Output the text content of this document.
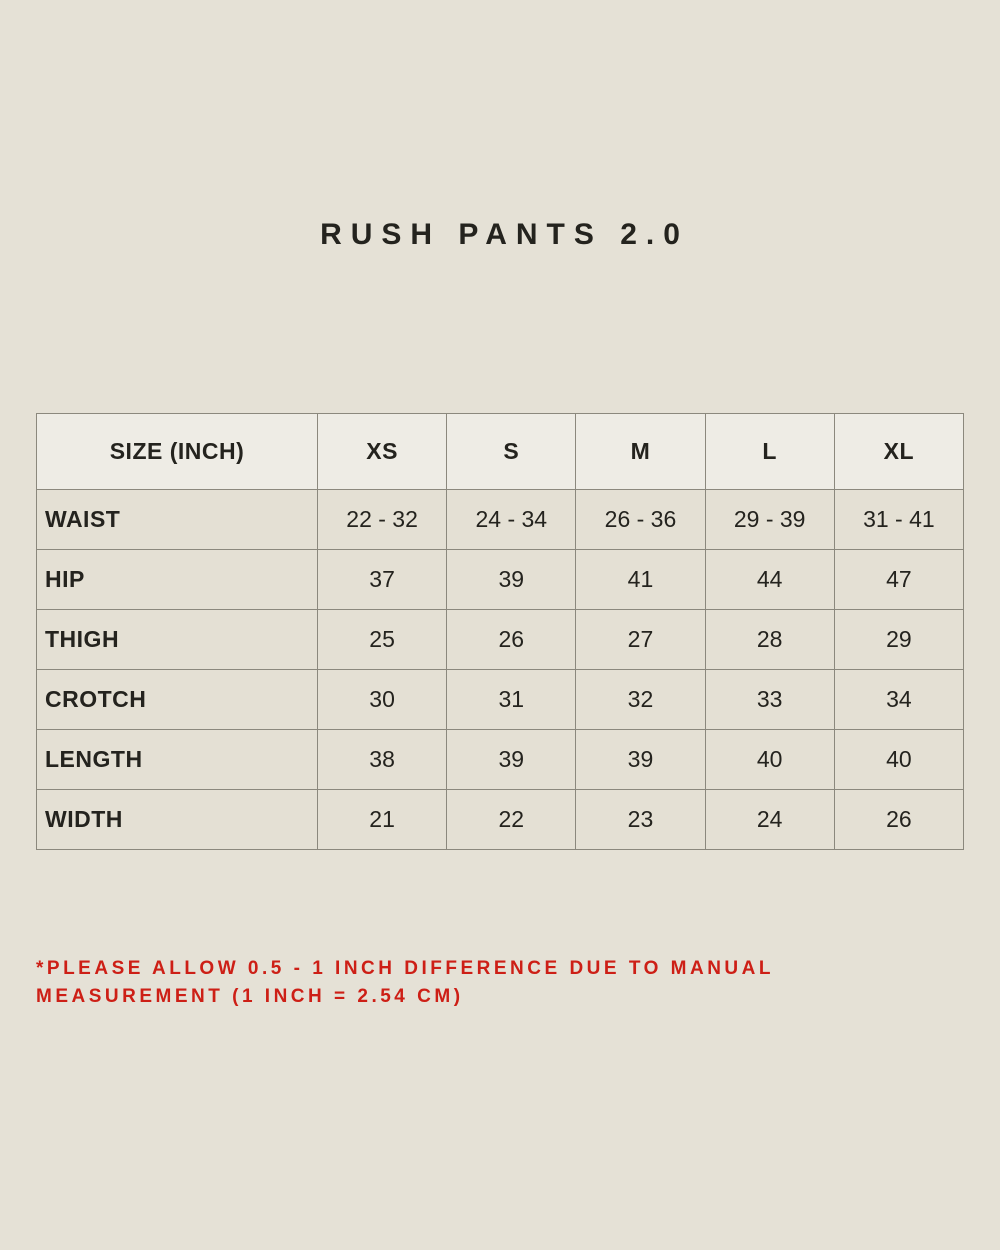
RUSH PANTS 2.0
SIZE (INCH)	XS	S	M	L	XL
WAIST	22 - 32	24 - 34	26 - 36	29 - 39	31 - 41
HIP	37	39	41	44	47
THIGH	25	26	27	28	29
CROTCH	30	31	32	33	34
LENGTH	38	39	39	40	40
WIDTH	21	22	23	24	26

*PLEASE ALLOW 0.5 - 1 INCH DIFFERENCE DUE TO MANUAL
MEASUREMENT (1 INCH = 2.54 CM)
